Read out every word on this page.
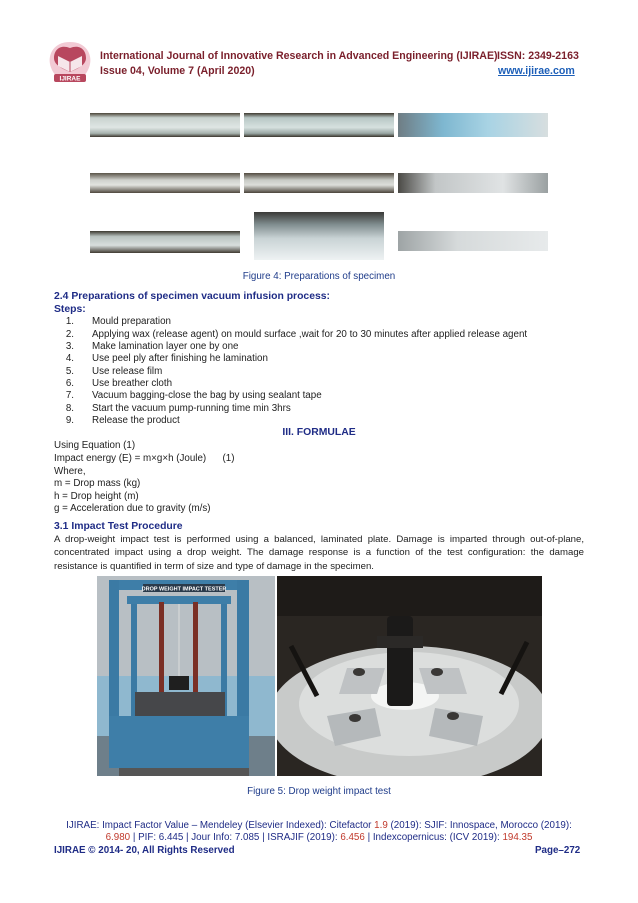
IJIRAE
International Journal of Innovative Research in Advanced Engineering (IJIRAE) ISSN: 2349-2163
Issue 04, Volume 7 (April 2020)	www.ijirae.com
Figure 4: Preparations of specimen
2.4 Preparations of specimen vacuum infusion process:
Steps:
1. Mould preparation
2. Applying wax (release agent) on mould surface ,wait for 20 to 30 minutes after applied release agent
3. Make lamination layer one by one
4. Use peel ply after finishing he lamination
5. Use release film
6. Use breather cloth
7. Vacuum bagging-close the bag by using sealant tape
8. Start the vacuum pump-running time min 3hrs
9. Release the product
III. FORMULAE
Using Equation (1)
Impact energy (E) = m×g×h (Joule)      (1)
Where,
m = Drop mass (kg)
h = Drop height (m)
g = Acceleration due to gravity (m/s)
3.1 Impact Test Procedure
A drop-weight impact test is performed using a balanced, laminated plate. Damage is imparted through out-of-plane, concentrated impact using a drop weight. The damage response is a function of the test configuration: the damage resistance is quantified in term of size and type of damage in the specimen.
DROP WEIGHT IMPACT TESTER
Figure 5: Drop weight impact test
IJIRAE: Impact Factor Value – Mendeley (Elsevier Indexed): Citefactor 1.9 (2019): SJIF: Innospace, Morocco (2019):
6.980 | PIF: 6.445 | Jour Info: 7.085 | ISRAJIF (2019): 6.456 | Indexcopernicus: (ICV 2019): 194.35
IJIRAE © 2014- 20, All Rights Reserved	Page–272
